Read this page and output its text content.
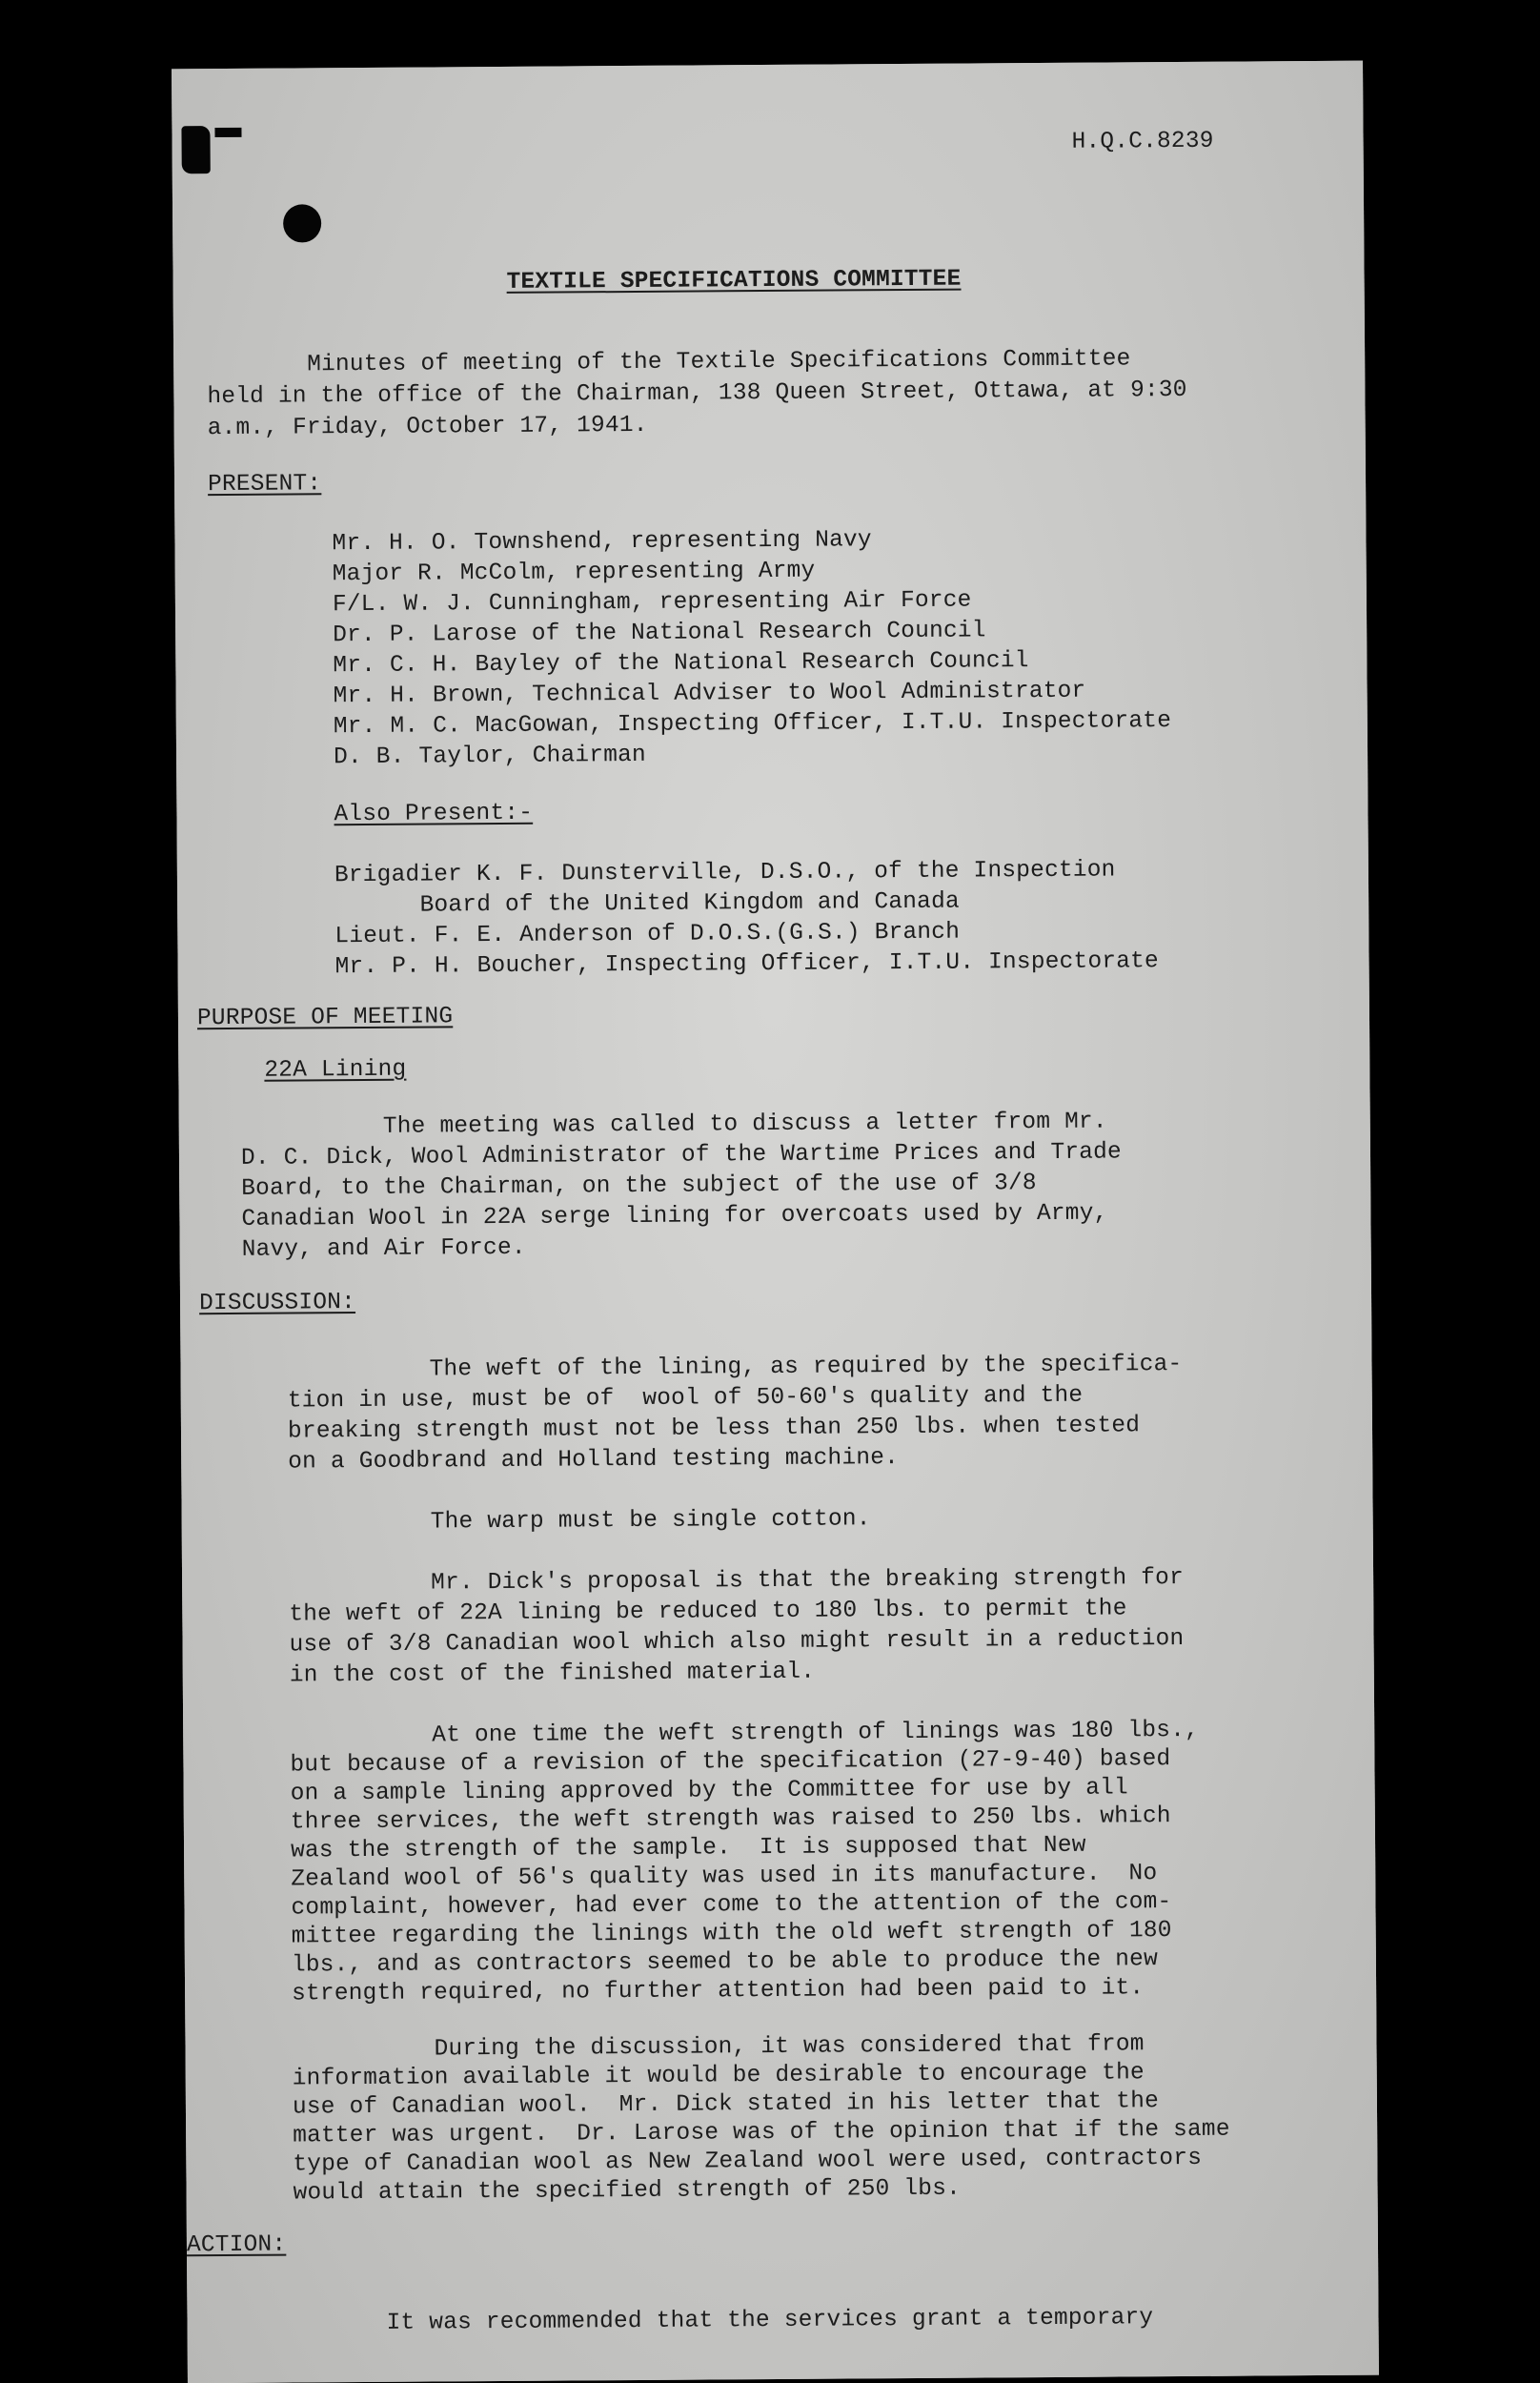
H.Q.C.8239
TEXTILE SPECIFICATIONS COMMITTEE
Minutes of meeting of the Textile Specifications Committee
held in the office of the Chairman, 138 Queen Street, Ottawa, at 9:30
a.m., Friday, October 17, 1941.
PRESENT:
Mr. H. O. Townshend, representing Navy
Major R. McColm, representing Army
F/L. W. J. Cunningham, representing Air Force
Dr. P. Larose of the National Research Council
Mr. C. H. Bayley of the National Research Council
Mr. H. Brown, Technical Adviser to Wool Administrator
Mr. M. C. MacGowan, Inspecting Officer, I.T.U. Inspectorate
D. B. Taylor, Chairman
Also Present:-
Brigadier K. F. Dunsterville, D.S.O., of the Inspection
Board of the United Kingdom and Canada
Lieut. F. E. Anderson of D.O.S.(G.S.) Branch
Mr. P. H. Boucher, Inspecting Officer, I.T.U. Inspectorate
PURPOSE OF MEETING
22A Lining
The meeting was called to discuss a letter from Mr.
D. C. Dick, Wool Administrator of the Wartime Prices and Trade
Board, to the Chairman, on the subject of the use of 3/8
Canadian Wool in 22A serge lining for overcoats used by Army,
Navy, and Air Force.
DISCUSSION:
The weft of the lining, as required by the specifica-
tion in use, must be of  wool of 50-60's quality and the
breaking strength must not be less than 250 lbs. when tested
on a Goodbrand and Holland testing machine.
The warp must be single cotton.
Mr. Dick's proposal is that the breaking strength for
the weft of 22A lining be reduced to 180 lbs. to permit the
use of 3/8 Canadian wool which also might result in a reduction
in the cost of the finished material.
At one time the weft strength of linings was 180 lbs.,
but because of a revision of the specification (27-9-40) based
on a sample lining approved by the Committee for use by all
three services, the weft strength was raised to 250 lbs. which
was the strength of the sample.  It is supposed that New
Zealand wool of 56's quality was used in its manufacture.  No
complaint, however, had ever come to the attention of the com-
mittee regarding the linings with the old weft strength of 180
lbs., and as contractors seemed to be able to produce the new
strength required, no further attention had been paid to it.
During the discussion, it was considered that from
information available it would be desirable to encourage the
use of Canadian wool.  Mr. Dick stated in his letter that the
matter was urgent.  Dr. Larose was of the opinion that if the same
type of Canadian wool as New Zealand wool were used, contractors
would attain the specified strength of 250 lbs.
ACTION:
It was recommended that the services grant a temporary
